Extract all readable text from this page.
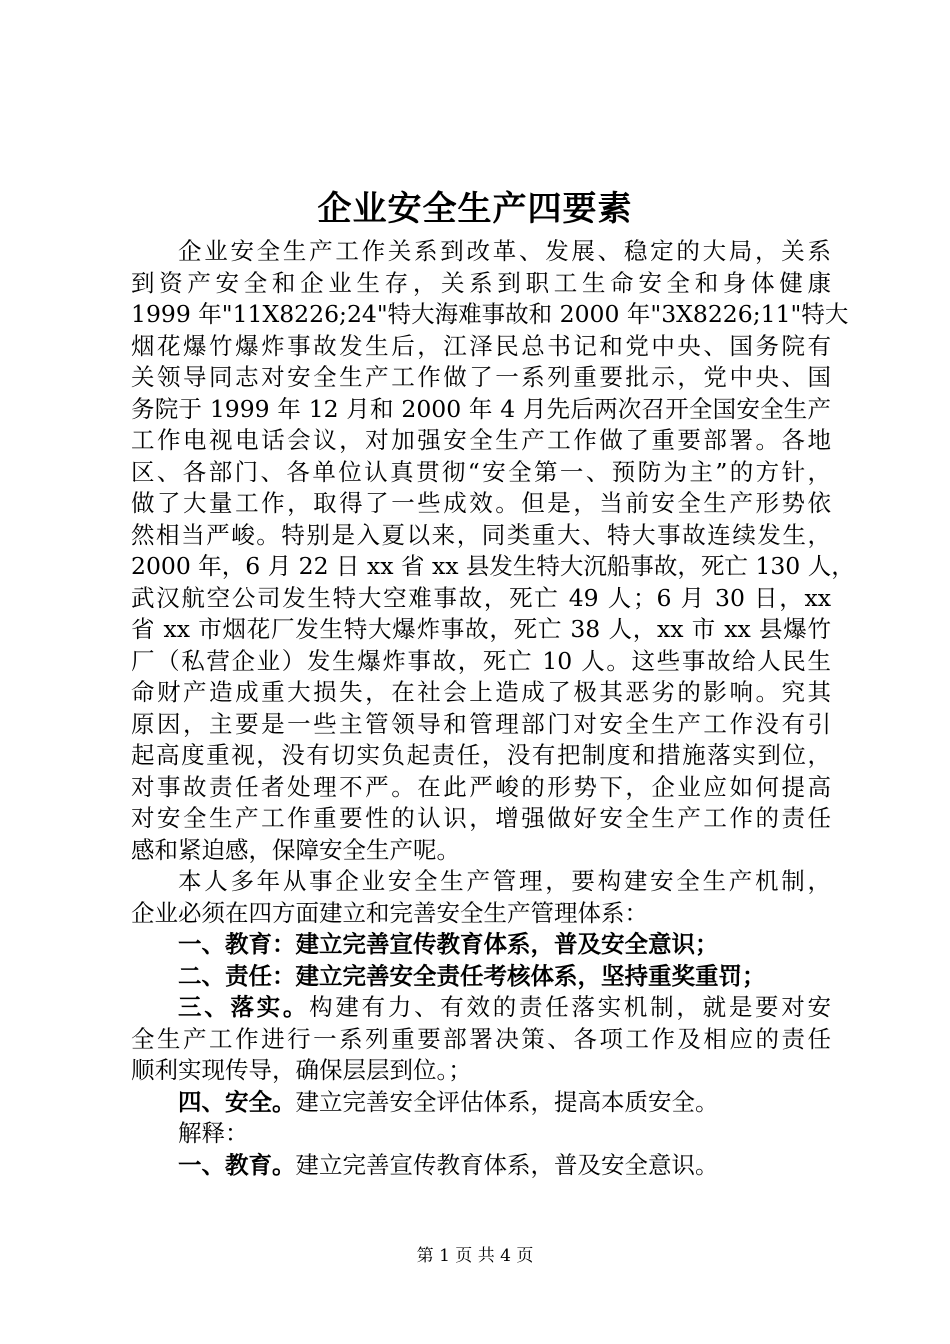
企业安全生产四要素
企业安全生产工作关系到改革、发展、稳定的大局，关系
到资产安全和企业生存，关系到职工生命安全和身体健康
1999 年"11X8226;24"特大海难事故和 2000 年"3X8226;11"特大
烟花爆竹爆炸事故发生后，江泽民总书记和党中央、国务院有
关领导同志对安全生产工作做了一系列重要批示，党中央、国
务院于 1999 年 12 月和 2000 年 4 月先后两次召开全国安全生产
工作电视电话会议，对加强安全生产工作做了重要部署。各地
区、各部门、各单位认真贯彻“安全第一、预防为主”的方针，
做了大量工作，取得了一些成效。但是，当前安全生产形势依
然相当严峻。特别是入夏以来，同类重大、特大事故连续发生，
2000 年，6 月 22 日 xx 省 xx 县发生特大沉船事故，死亡 130 人，
武汉航空公司发生特大空难事故，死亡 49 人；6 月 30 日，xx
省 xx 市烟花厂发生特大爆炸事故，死亡 38 人，xx 市 xx 县爆竹
厂（私营企业）发生爆炸事故，死亡 10 人。这些事故给人民生
命财产造成重大损失，在社会上造成了极其恶劣的影响。究其
原因，主要是一些主管领导和管理部门对安全生产工作没有引
起高度重视，没有切实负起责任，没有把制度和措施落实到位，
对事故责任者处理不严。在此严峻的形势下，企业应如何提高
对安全生产工作重要性的认识，增强做好安全生产工作的责任
感和紧迫感，保障安全生产呢。
本人多年从事企业安全生产管理，要构建安全生产机制，
企业必须在四方面建立和完善安全生产管理体系：
一、教育：建立完善宣传教育体系，普及安全意识；
二、责任：建立完善安全责任考核体系，坚持重奖重罚；
三、落实。构建有力、有效的责任落实机制，就是要对安
全生产工作进行一系列重要部署决策、各项工作及相应的责任
顺利实现传导，确保层层到位。；
四、安全。建立完善安全评估体系，提高本质安全。
解释：
一、教育。建立完善宣传教育体系，普及安全意识。
第 1 页 共 4 页
